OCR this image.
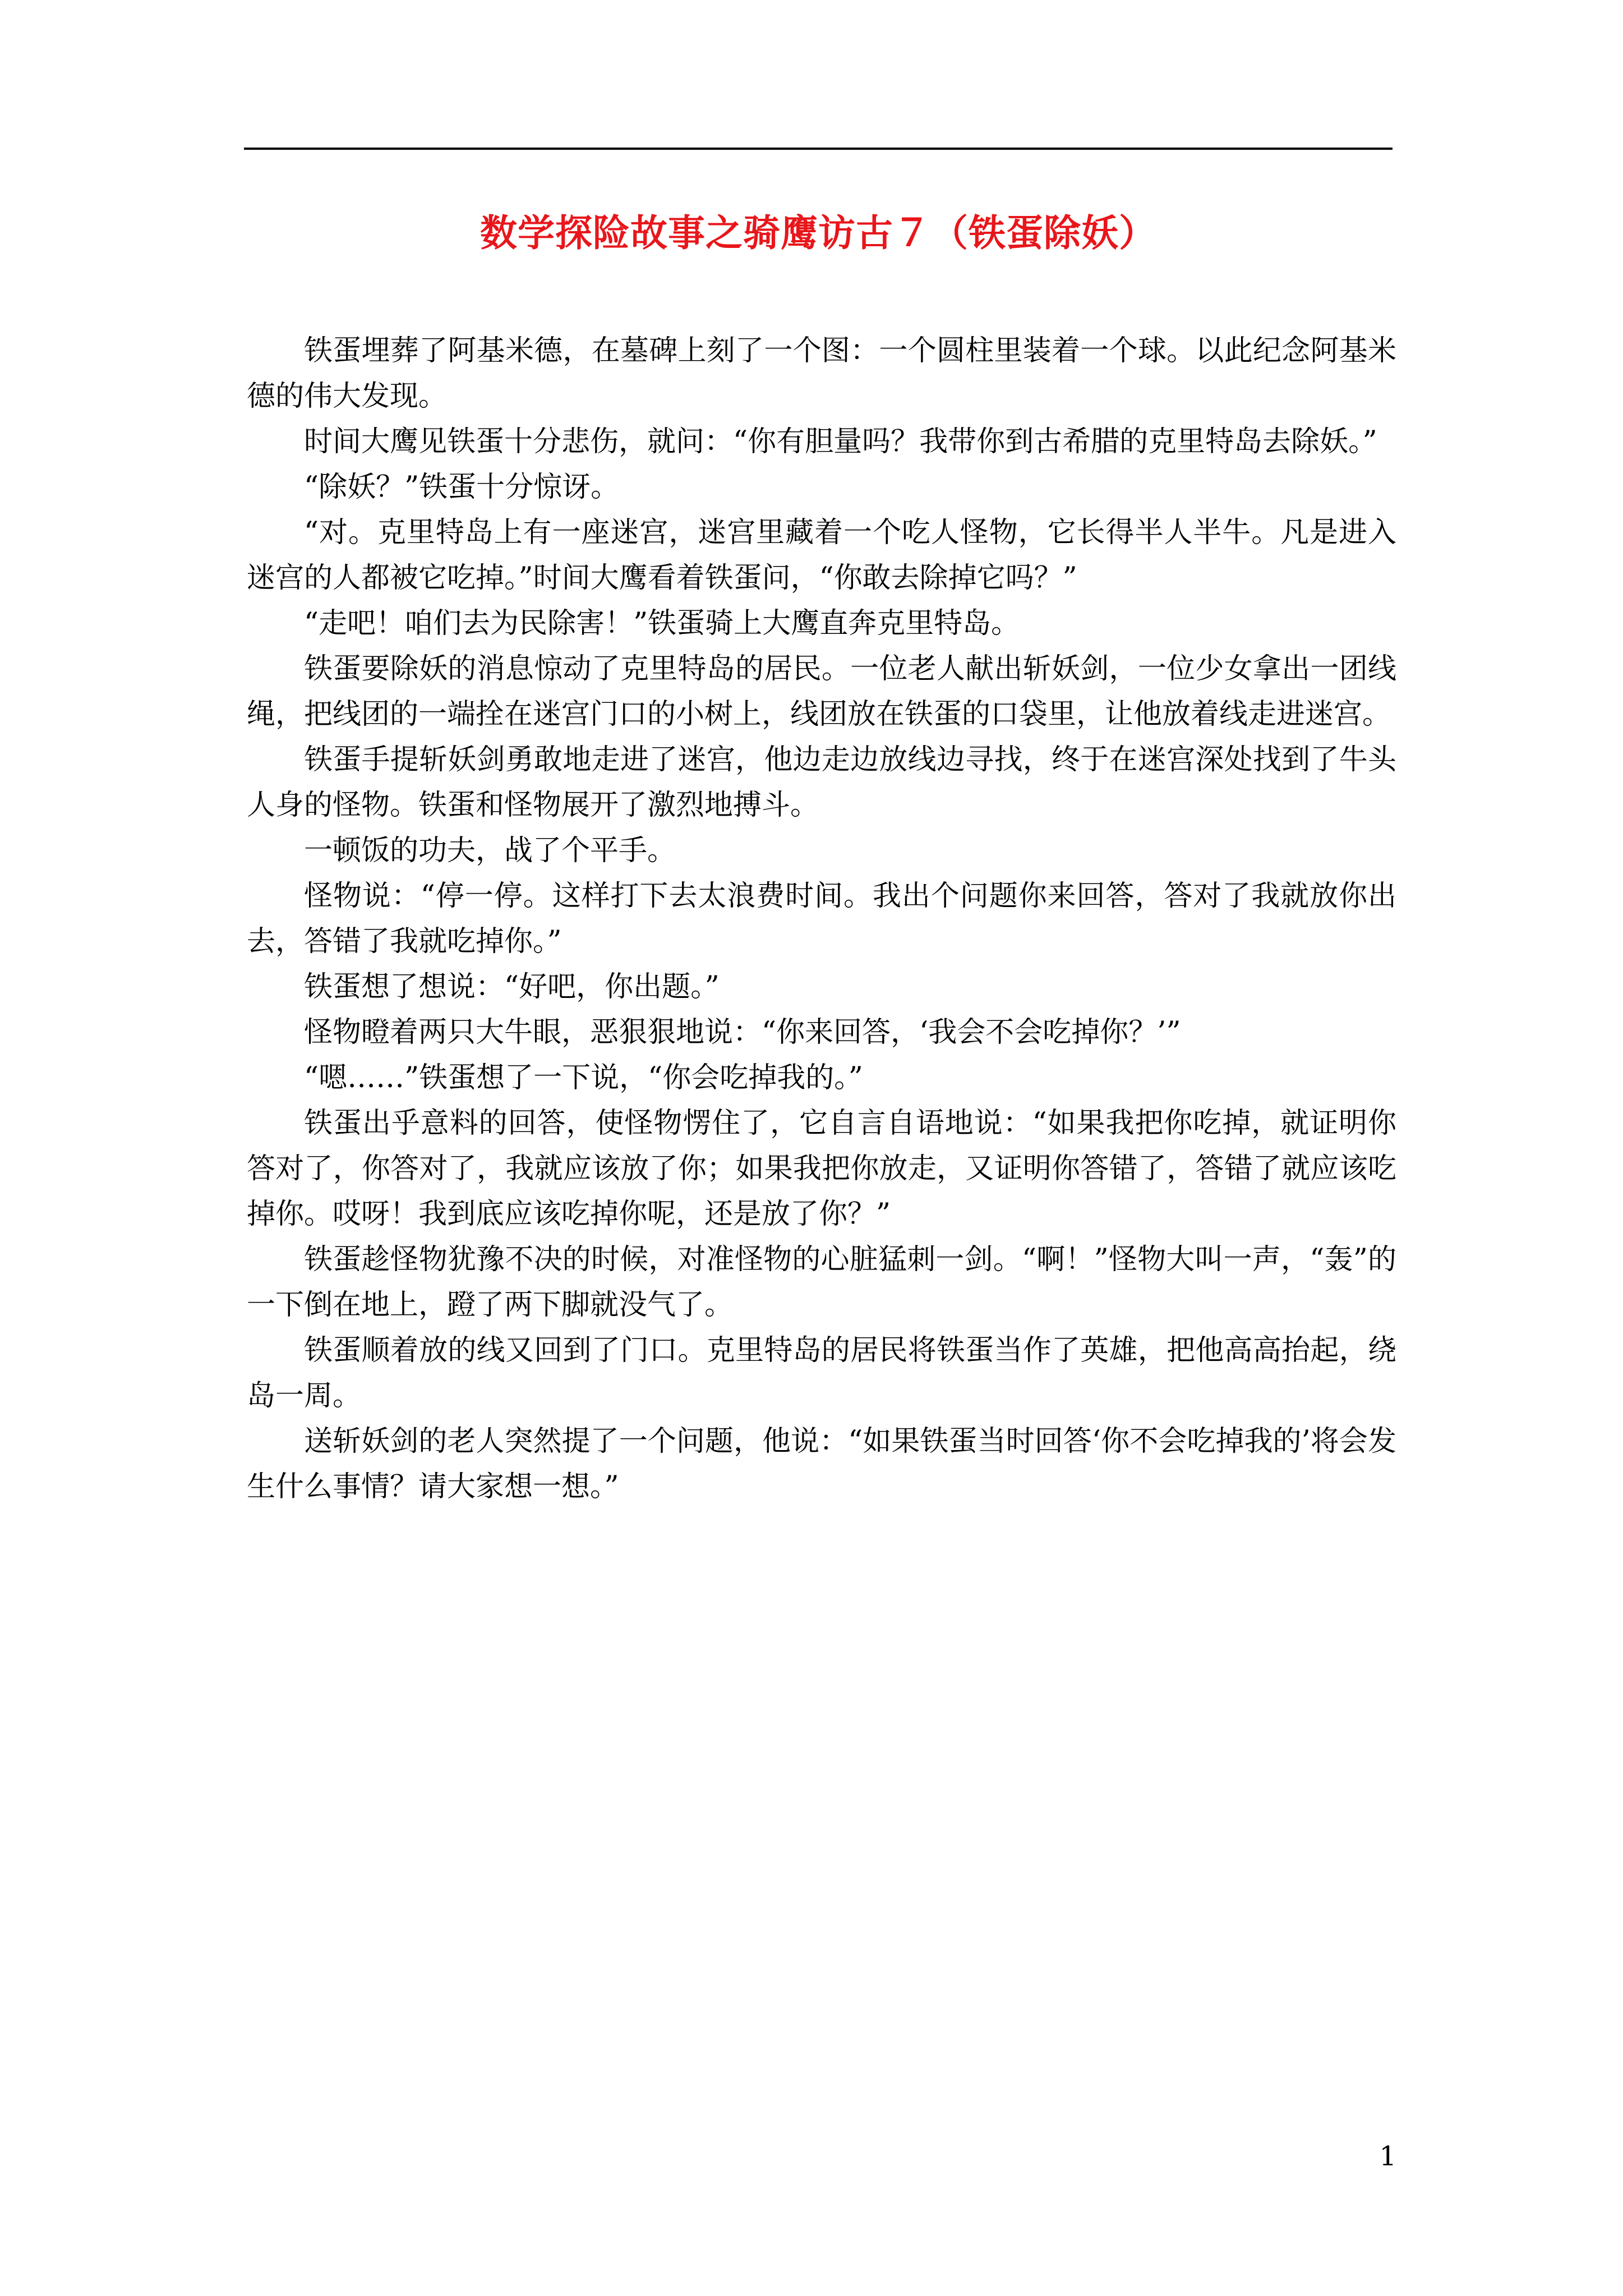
数学探险故事之骑鹰访古７（铁蛋除妖）

铁蛋埋葬了阿基米德，在墓碑上刻了一个图：一个圆柱里装着一个球。以此纪念阿基米德的伟大发现。

时间大鹰见铁蛋十分悲伤，就问：“你有胆量吗？我带你到古希腊的克里特岛去除妖。”

“除妖？”铁蛋十分惊讶。

“对。克里特岛上有一座迷宫，迷宫里藏着一个吃人怪物，它长得半人半牛。凡是进入迷宫的人都被它吃掉。”时间大鹰看着铁蛋问，“你敢去除掉它吗？”

“走吧！咱们去为民除害！”铁蛋骑上大鹰直奔克里特岛。

铁蛋要除妖的消息惊动了克里特岛的居民。一位老人献出斩妖剑，一位少女拿出一团线绳，把线团的一端拴在迷宫门口的小树上，线团放在铁蛋的口袋里，让他放着线走进迷宫。

铁蛋手提斩妖剑勇敢地走进了迷宫，他边走边放线边寻找，终于在迷宫深处找到了牛头人身的怪物。铁蛋和怪物展开了激烈地搏斗。

一顿饭的功夫，战了个平手。

怪物说：“停一停。这样打下去太浪费时间。我出个问题你来回答，答对了我就放你出去，答错了我就吃掉你。”

铁蛋想了想说：“好吧，你出题。”

怪物瞪着两只大牛眼，恶狠狠地说：“你来回答，‘我会不会吃掉你？’”

“嗯……”铁蛋想了一下说，“你会吃掉我的。”

铁蛋出乎意料的回答，使怪物愣住了，它自言自语地说：“如果我把你吃掉，就证明你答对了，你答对了，我就应该放了你；如果我把你放走，又证明你答错了，答错了就应该吃掉你。哎呀！我到底应该吃掉你呢，还是放了你？”

铁蛋趁怪物犹豫不决的时候，对准怪物的心脏猛刺一剑。“啊！”怪物大叫一声，“轰”的一下倒在地上，蹬了两下脚就没气了。

铁蛋顺着放的线又回到了门口。克里特岛的居民将铁蛋当作了英雄，把他高高抬起，绕岛一周。

送斩妖剑的老人突然提了一个问题，他说：“如果铁蛋当时回答‘你不会吃掉我的’将会发生什么事情？请大家想一想。”

1
